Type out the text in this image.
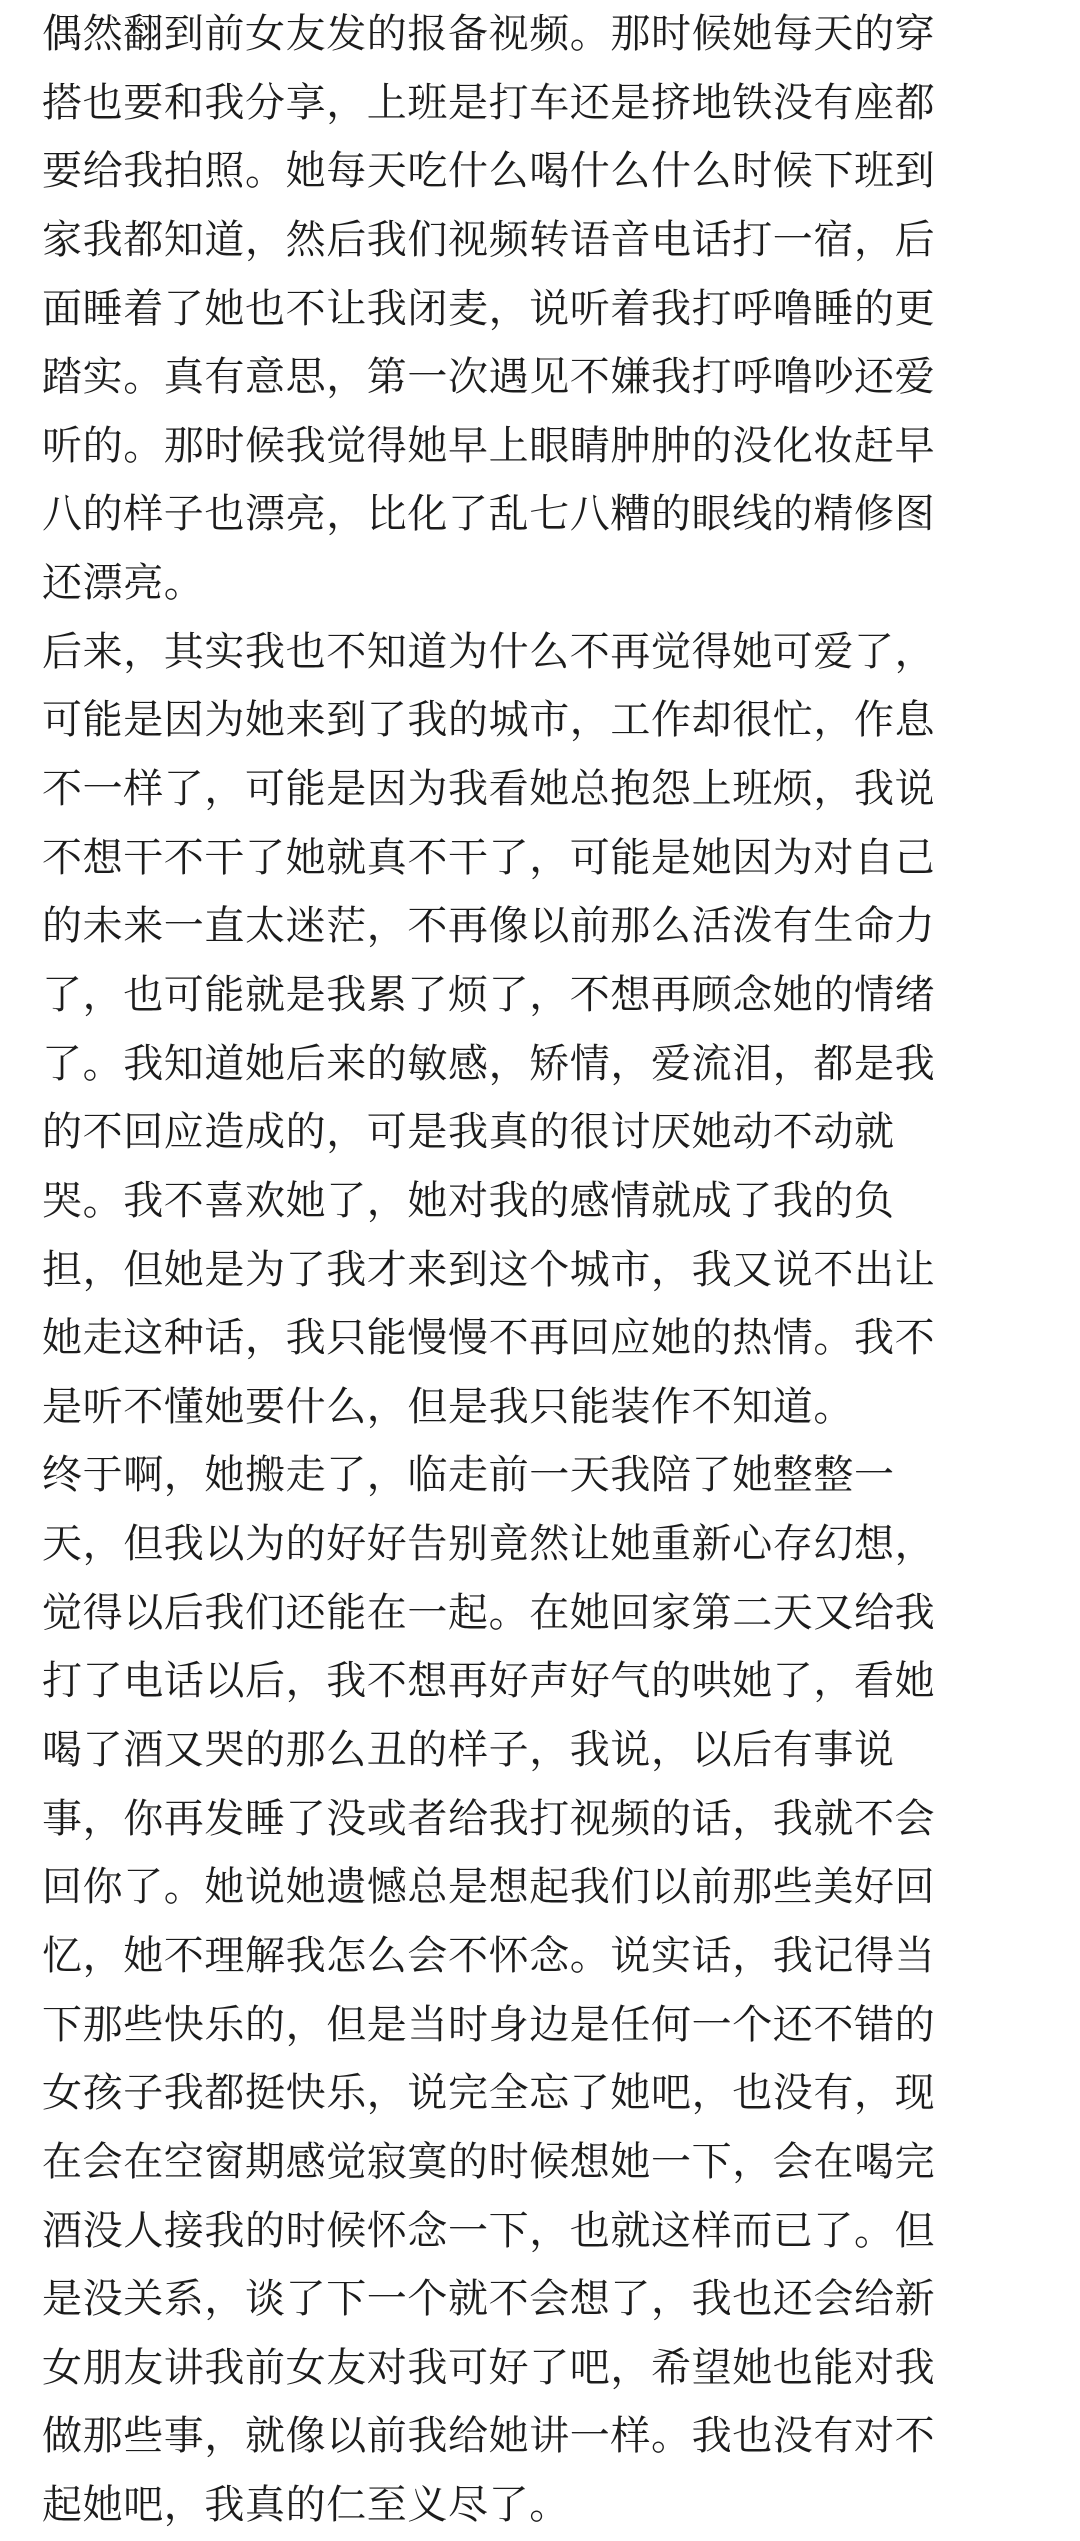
偶然翻到前女友发的报备视频。那时候她每天的穿
搭也要和我分享，上班是打车还是挤地铁没有座都
要给我拍照。她每天吃什么喝什么什么时候下班到
家我都知道，然后我们视频转语音电话打一宿，后
面睡着了她也不让我闭麦，说听着我打呼噜睡的更
踏实。真有意思，第一次遇见不嫌我打呼噜吵还爱
听的。那时候我觉得她早上眼睛肿肿的没化妆赶早
八的样子也漂亮，比化了乱七八糟的眼线的精修图
还漂亮。
后来，其实我也不知道为什么不再觉得她可爱了，
可能是因为她来到了我的城市，工作却很忙，作息
不一样了，可能是因为我看她总抱怨上班烦，我说
不想干不干了她就真不干了，可能是她因为对自己
的未来一直太迷茫，不再像以前那么活泼有生命力
了，也可能就是我累了烦了，不想再顾念她的情绪
了。我知道她后来的敏感，矫情，爱流泪，都是我
的不回应造成的，可是我真的很讨厌她动不动就
哭。我不喜欢她了，她对我的感情就成了我的负
担，但她是为了我才来到这个城市，我又说不出让
她走这种话，我只能慢慢不再回应她的热情。我不
是听不懂她要什么，但是我只能装作不知道。
终于啊，她搬走了，临走前一天我陪了她整整一
天，但我以为的好好告别竟然让她重新心存幻想，
觉得以后我们还能在一起。在她回家第二天又给我
打了电话以后，我不想再好声好气的哄她了，看她
喝了酒又哭的那么丑的样子，我说，以后有事说
事，你再发睡了没或者给我打视频的话，我就不会
回你了。她说她遗憾总是想起我们以前那些美好回
忆，她不理解我怎么会不怀念。说实话，我记得当
下那些快乐的，但是当时身边是任何一个还不错的
女孩子我都挺快乐，说完全忘了她吧，也没有，现
在会在空窗期感觉寂寞的时候想她一下，会在喝完
酒没人接我的时候怀念一下，也就这样而已了。但
是没关系，谈了下一个就不会想了，我也还会给新
女朋友讲我前女友对我可好了吧，希望她也能对我
做那些事，就像以前我给她讲一样。我也没有对不
起她吧，我真的仁至义尽了。
